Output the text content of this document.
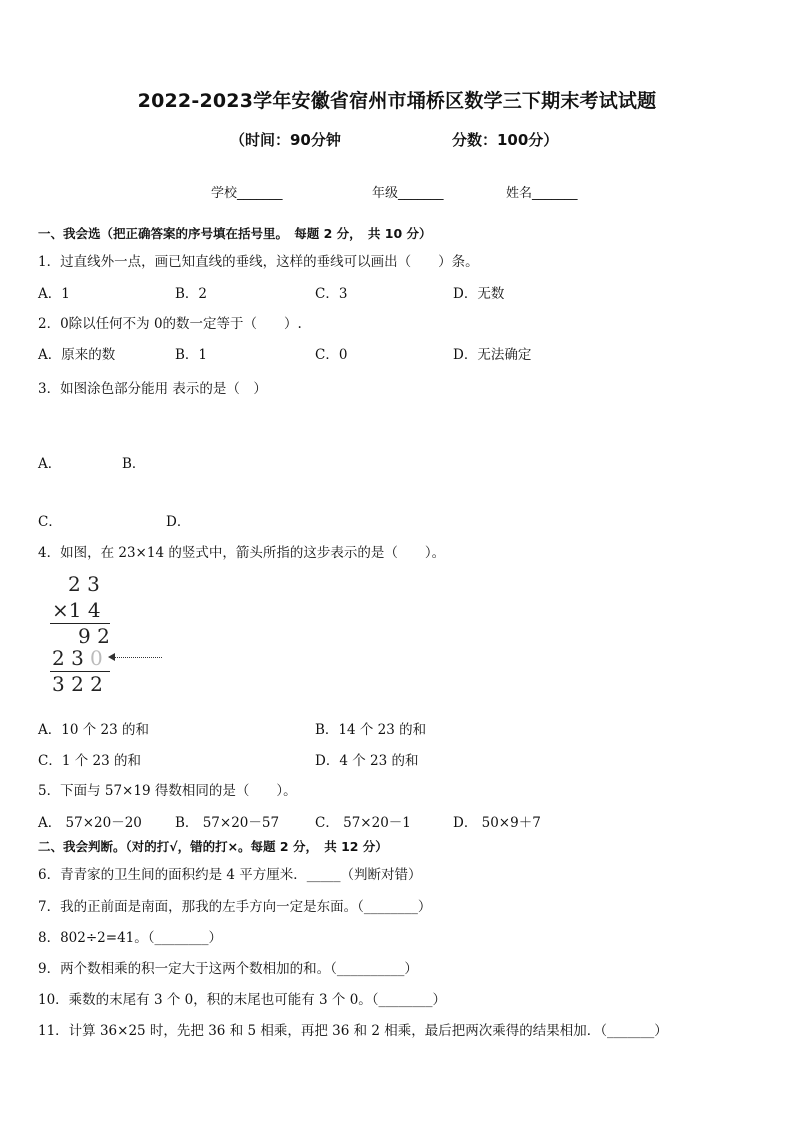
2022-2023学年安徽省宿州市埇桥区数学三下期末考试试题
（时间：90分钟	分数：100分）
学校_______	年级_______	姓名_______
一、我会选（把正确答案的序号填在括号里。　每题 2 分，　共 10 分）
1．过直线外一点，画已知直线的垂线，这样的垂线可以画出（　　）条。
A．1	B．2	C．3	D．无数
2．0除以任何不为 0的数一定等于（　　）.
A．原来的数	B．1	C．0	D．无法确定
3．如图涂色部分能用 表示的是（　）
A．	B．
C．	D．
4．如图，在 23×14 的竖式中，箭头所指的这步表示的是（　　）。
2 3
×1 4
9 2
2 3 0
3 2 2
A．10 个 23 的和	B．14 个 23 的和
C．1 个 23 的和	D．4 个 23 的和
5．下面与 57×19 得数相同的是（　　）。
A． 57×20－20 B． 57×20－57	C． 57×20－1	D． 50×9＋7
二、我会判断。（对的打√，错的打×。每题 2 分，　共 12 分）
6．青青家的卫生间的面积约是 4 平方厘米．_____（判断对错）
7．我的正前面是南面，那我的左手方向一定是东面。（________）
8．802÷2=41。（________）
9．两个数相乘的积一定大于这两个数相加的和。（__________）
10．乘数的末尾有 3 个 0，积的末尾也可能有 3 个 0。（________）
11．计算 36×25 时，先把 36 和 5 相乘，再把 36 和 2 相乘，最后把两次乘得的结果相加．（_______）
